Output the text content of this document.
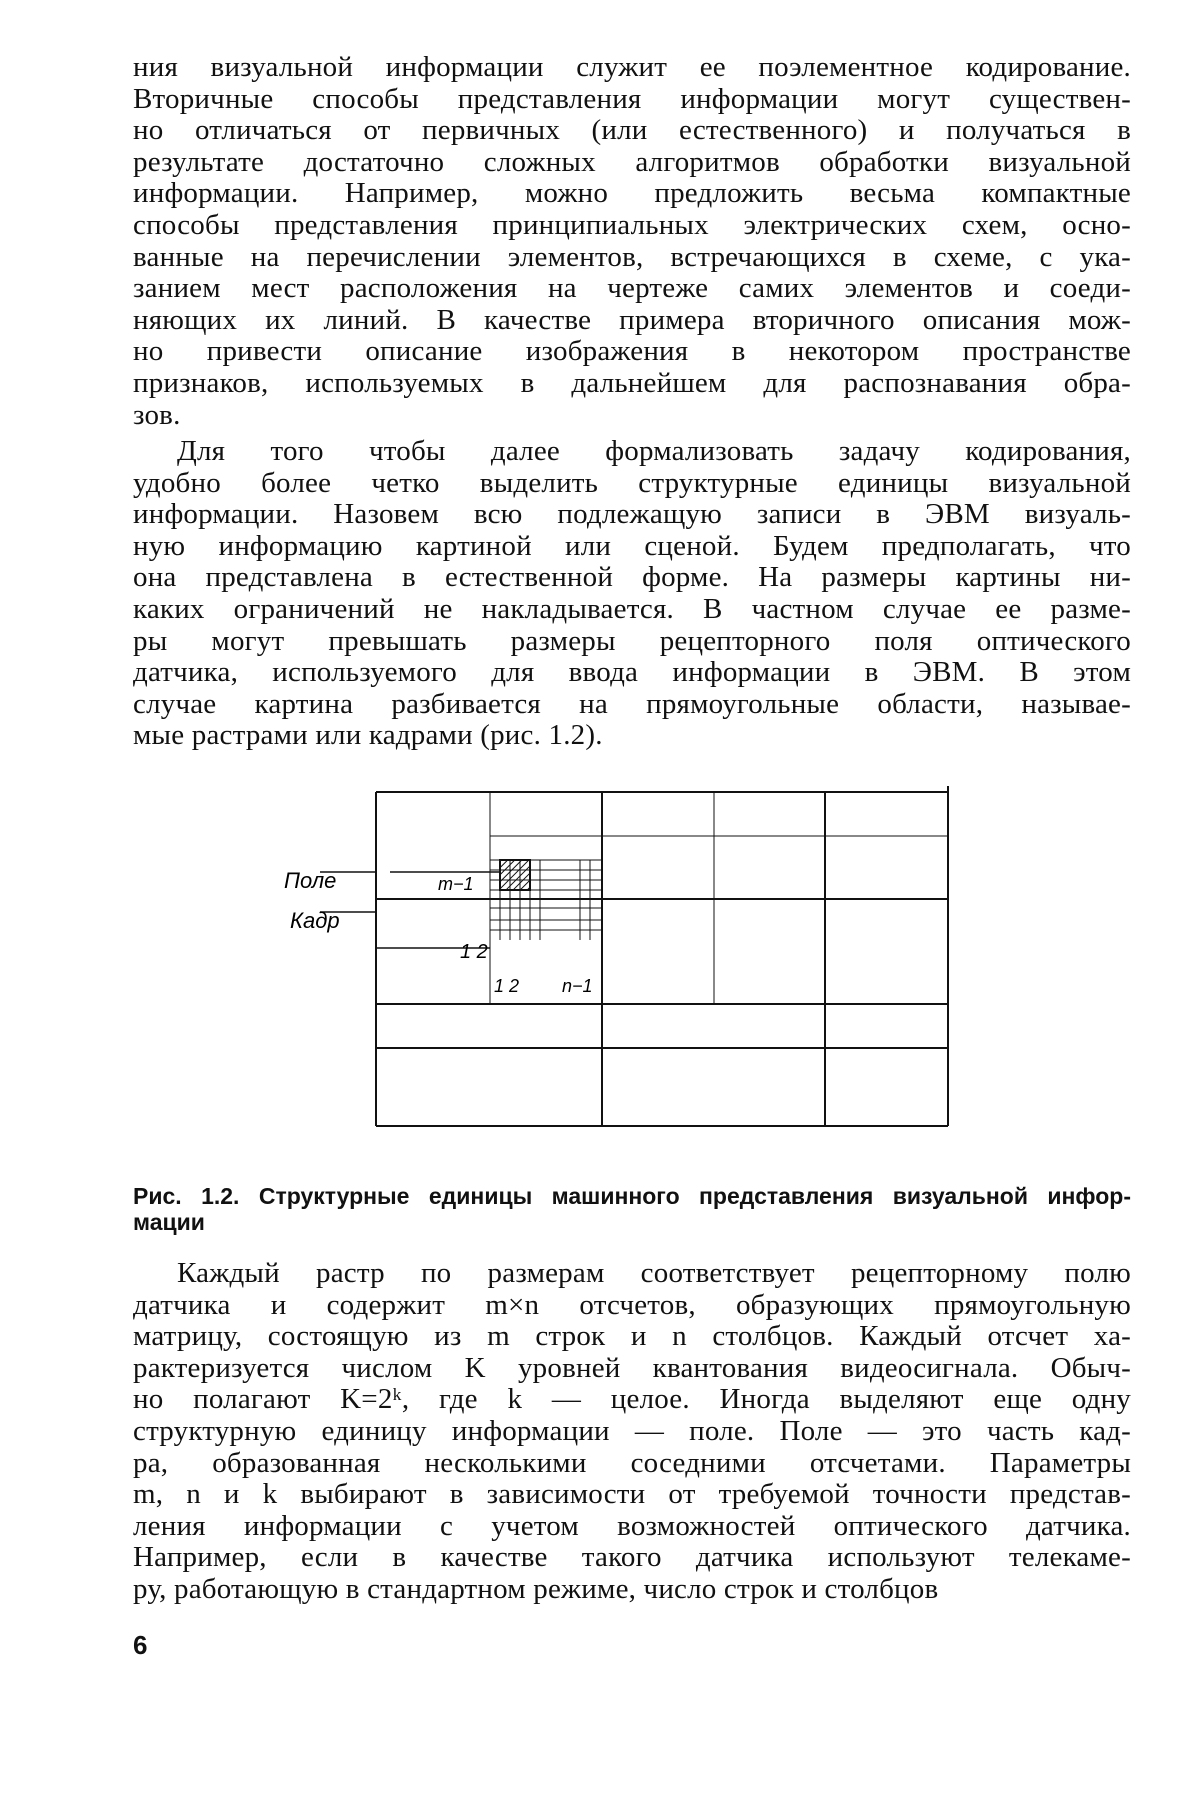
ния визуальной информации служит ее поэлементное кодирование.
Вторичные способы представления информации могут существен-
но отличаться от первичных (или естественного) и получаться в
результате достаточно сложных алгоритмов обработки визуальной
информации. Например, можно предложить весьма компактные
способы представления принципиальных электрических схем, осно-
ванные на перечислении элементов, встречающихся в схеме, с ука-
занием мест расположения на чертеже самих элементов и соеди-
няющих их линий. В качестве примера вторичного описания мож-
но привести описание изображения в некотором пространстве
признаков, используемых в дальнейшем для распознавания обра-
зов.
Для того чтобы далее формализовать задачу кодирования,
удобно более четко выделить структурные единицы визуальной
информации. Назовем всю подлежащую записи в ЭВМ визуаль-
ную информацию картиной или сценой. Будем предполагать, что
она представлена в естественной форме. На размеры картины ни-
каких ограничений не накладывается. В частном случае ее разме-
ры могут превышать размеры рецепторного поля оптического
датчика, используемого для ввода информации в ЭВМ. В этом
случае картина разбивается на прямоугольные области, называе-
мые растрами или кадрами (рис. 1.2).
Поле
Кадр
m−1
1 2
1 2 n−1
Рис. 1.2. Структурные единицы машинного представления визуальной инфор-
мации
Каждый растр по размерам соответствует рецепторному полю
датчика и содержит m×n отсчетов, образующих прямоугольную
матрицу, состоящую из m строк и n столбцов. Каждый отсчет ха-
рактеризуется числом K уровней квантования видеосигнала. Обыч-
но полагают K=2ᵏ, где k — целое. Иногда выделяют еще одну
структурную единицу информации — поле. Поле — это часть кад-
ра, образованная несколькими соседними отсчетами. Параметры
m, n и k выбирают в зависимости от требуемой точности представ-
ления информации с учетом возможностей оптического датчика.
Например, если в качестве такого датчика используют телекаме-
ру, работающую в стандартном режиме, число строк и столбцов
6
